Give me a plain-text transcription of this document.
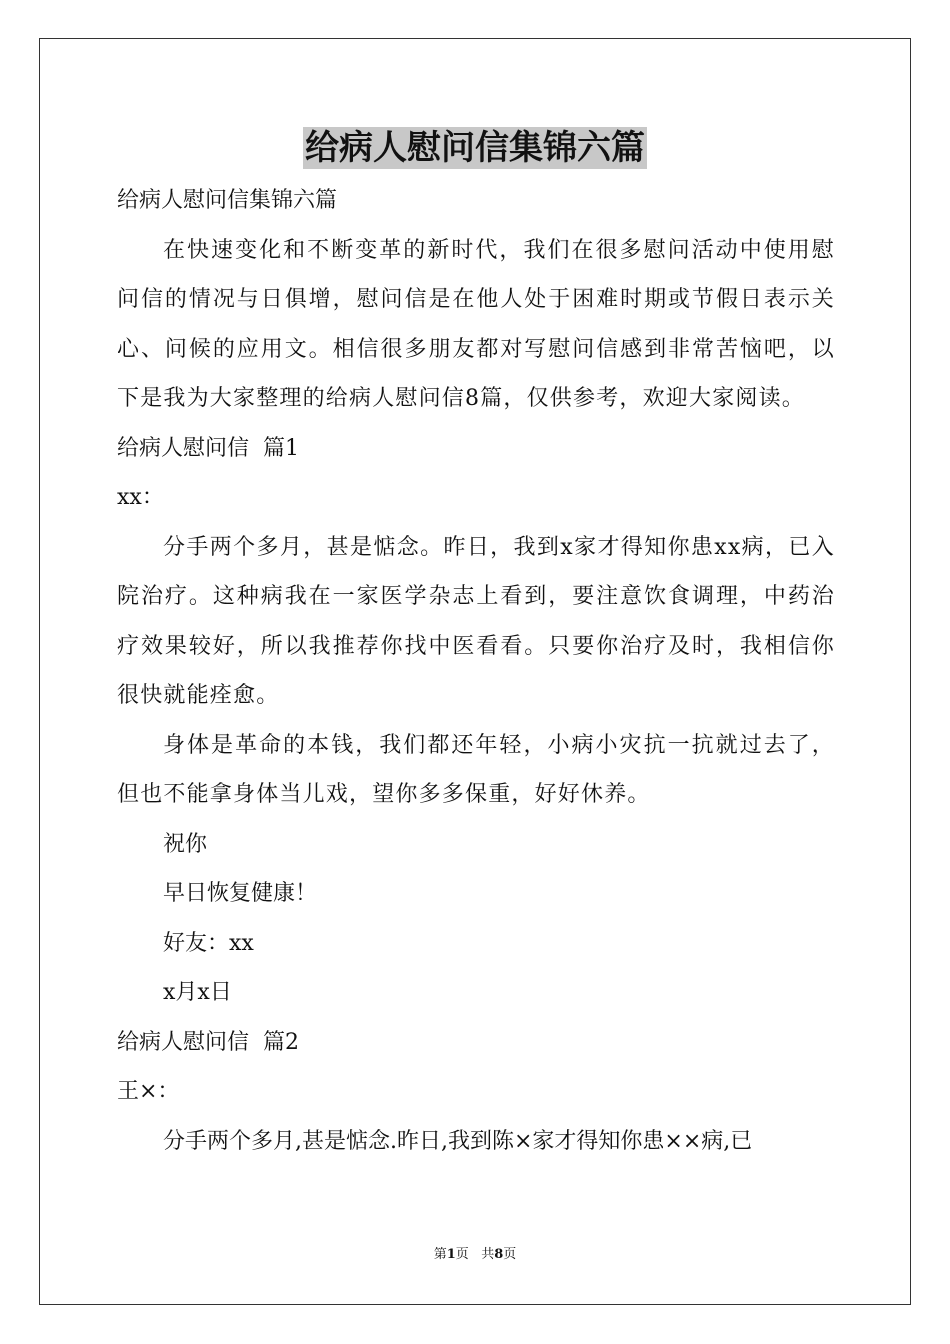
给病人慰问信集锦六篇
给病人慰问信集锦六篇
在快速变化和不断变革的新时代，我们在很多慰问活动中使用慰问信的情况与日俱增，慰问信是在他人处于困难时期或节假日表示关心、问候的应用文。相信很多朋友都对写慰问信感到非常苦恼吧，以下是我为大家整理的给病人慰问信8篇，仅供参考，欢迎大家阅读。
给病人慰问信  篇1
xx：
分手两个多月，甚是惦念。昨日，我到x家才得知你患xx病，已入院治疗。这种病我在一家医学杂志上看到，要注意饮食调理，中药治疗效果较好，所以我推荐你找中医看看。只要你治疗及时，我相信你很快就能痊愈。
身体是革命的本钱，我们都还年轻，小病小灾抗一抗就过去了，但也不能拿身体当儿戏，望你多多保重，好好休养。
祝你
早日恢复健康！
好友：xx
x月x日
给病人慰问信  篇2
王×：
分手两个多月,甚是惦念.昨日,我到陈×家才得知你患××病,已
第1页   共8页
